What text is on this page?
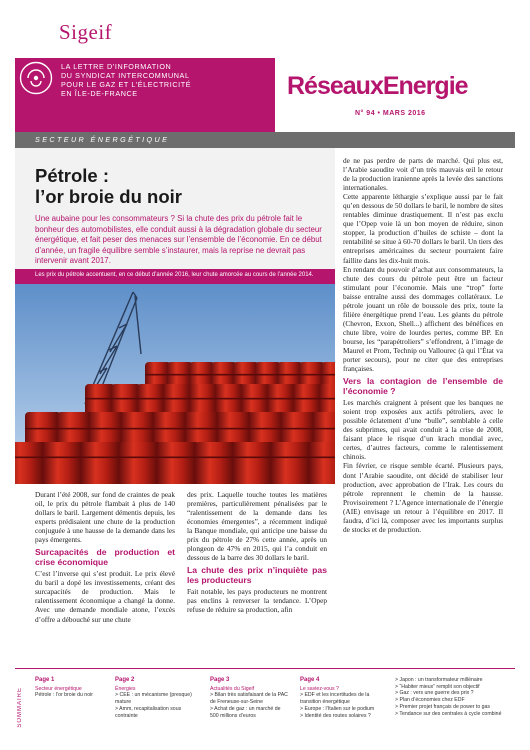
Sigeif
LA LETTRE D’INFORMATION
DU SYNDICAT INTERCOMMUNAL
POUR LE GAZ ET L’ÉLECTRICITÉ
EN ÎLE-DE-FRANCE	RéseauxEnergie
N° 94 • MARS 2016
SECTEUR ÉNERGÉTIQUE
Pétrole :
l’or broie du noir
Une aubaine pour les consommateurs ? Si la chute des prix du pétrole fait le bonheur des automobilistes, elle conduit aussi à la dégradation globale du secteur énergétique, et fait peser des menaces sur l’ensemble de l’économie. En ce début d’année, un fragile équilibre semble s’instaurer, mais la reprise ne devrait pas intervenir avant 2017.
Les prix du pétrole accentuent, en ce début d’année 2016, leur chute amorcée au cours de l’année 2014.

Durant l’été 2008, sur fond de craintes de peak oil, le prix du pétrole flambait à plus de 140 dollars le baril. Largement démentis depuis, les experts prédisaient une chute de la production conjuguée à une hausse de la demande dans les pays émergents.

Surcapacités de production et crise économique

C’est l’inverse qui s’est produit. Le prix élevé du baril a dopé les investissements, créant des surcapacités de production. Mais le ralentissement économique a changé la donne. Avec une demande mondiale atone, l’excès d’offre a débouché sur une chute

des prix. Laquelle touche toutes les matières premières, particulièrement pénalisées par le “ralentissement de la demande dans les économies émergentes”, a récemment indiqué la Banque mondiale, qui anticipe une baisse du prix du pétrole de 27% cette année, après un plongeon de 47% en 2015, qui l’a conduit en dessous de la barre des 30 dollars le baril.

La chute des prix n’inquiète pas les producteurs

Fait notable, les pays producteurs ne montrent pas enclins à renverser la tendance. L’Opep refuse de réduire sa production, afin

de ne pas perdre de parts de marché. Qui plus est, l’Arabie saoudite voit d’un très mauvais œil le retour de la production iranienne après la levée des sanctions internationales.

Cette apparente léthargie s’explique aussi par le fait qu’en dessous de 50 dollars le baril, le nombre de sites rentables diminue drastiquement. Il n’est pas exclu que l’Opep voie là un bon moyen de réduire, sinon stopper, la production d’huiles de schiste – dont la rentabilité se situe à 60-70 dollars le baril. Un tiers des entreprises américaines du secteur pourraient faire faillite dans les dix-huit mois.

En rendant du pouvoir d’achat aux consommateurs, la chute des cours du pétrole peut être un facteur stimulant pour l’économie. Mais une “trop” forte baisse entraîne aussi des dommages collatéraux. Le pétrole jouant un rôle de boussole des prix, toute la filière énergétique prend l’eau. Les géants du pétrole (Chevron, Exxon, Shell...) affichent des bénéfices en chute libre, voire de lourdes pertes, comme BP. En bourse, les “parapétroliers” s’effondrent, à l’image de Maurel et Prom, Technip ou Vallourec (à qui l’État va porter secours), pour ne citer que des entreprises françaises.

Vers la contagion de l’ensemble de l’économie ?

Les marchés craignent à présent que les banques ne soient trop exposées aux actifs pétroliers, avec le possible éclatement d’une “bulle”, semblable à celle des subprimes, qui avait conduit à la crise de 2008, faisant place le risque d’un krach mondial avec, certes, d’autres facteurs, comme le ralentissement chinois.

Fin février, ce risque semble écarté. Plusieurs pays, dont l’Arabie saoudite, ont décidé de stabiliser leur production, avec approbation de l’Irak. Les cours du pétrole reprennent le chemin de la hausse. Provisoirement ? L’Agence internationale de l’énergie (AIE) envisage un retour à l’équilibre en 2017. Il faudra, d’ici là, composer avec les importants surplus de stocks et de production.

SOMMAIRE
Page 1
Secteur énergétique
Pétrole : l’or broie du noir
Page 2
Énergies
> CEE : un mécanisme (presque) mature
> Amm, recapitalisation sous contrainte
Page 3
Actualités du Sigeif
> Bilan très satisfaisant de la PAC de Freneuse-sur-Seine
> Achat de gaz : un marché de 500 millions d’euros
Page 4
Le saviez-vous ?
> EDF et les incertitudes de la transition énergétique
> Europe : l’Italien sur le podium
> Identité des routes solaires ?
> Japon : un transformateur millénaire
> “Habiter mieux” remplit son objectif
> Gaz : vers une guerre des prix ?
> Plan d’économies chez EDF
> Premier projet français de power to gas
> Tendance sur des centrales à cycle combiné
